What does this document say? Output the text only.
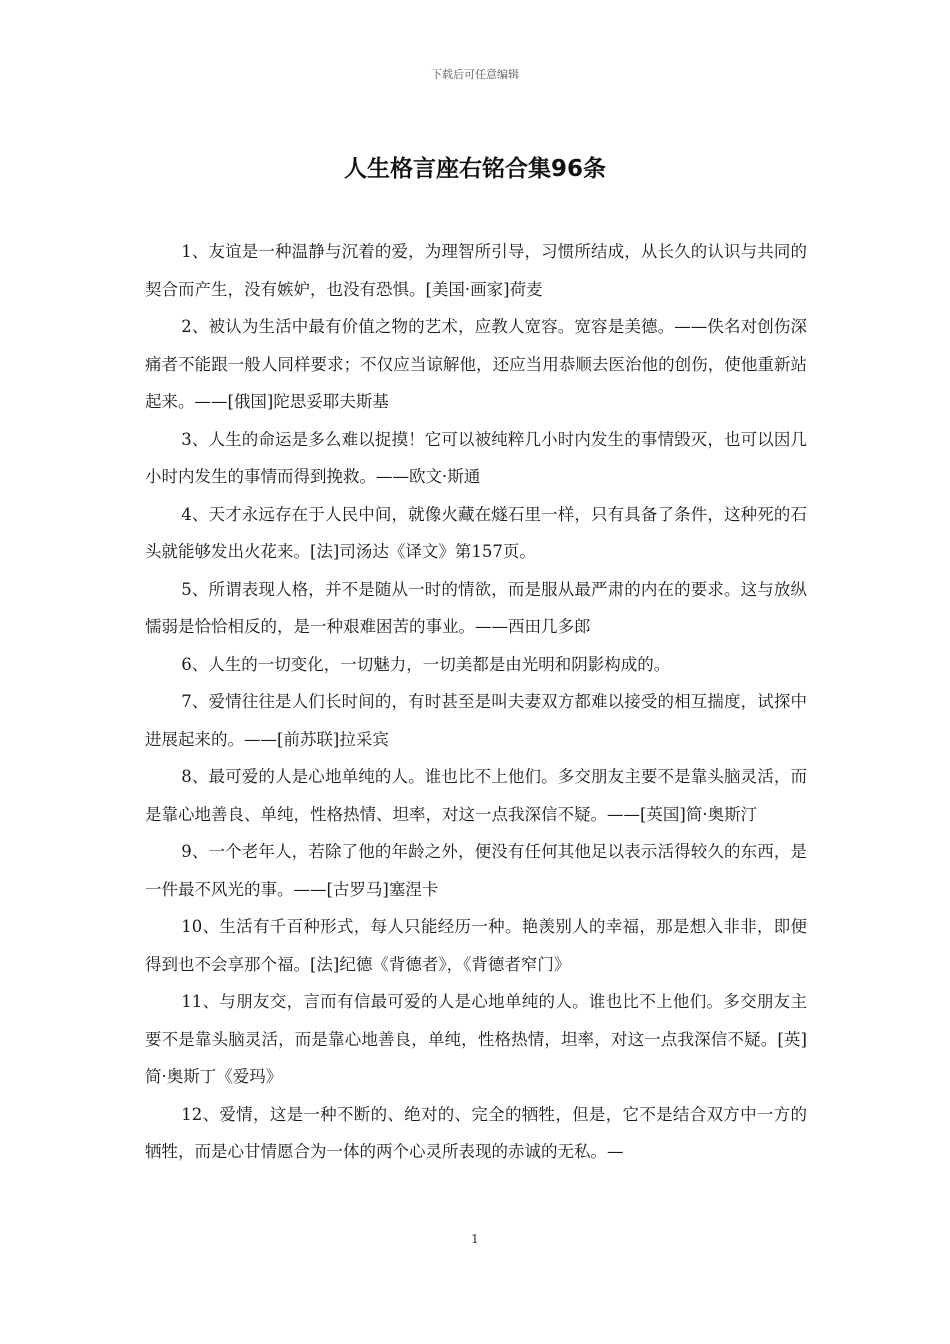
下载后可任意编辑
人生格言座右铭合集96条

1、友谊是一种温静与沉着的爱，为理智所引导，习惯所结成，从长久的认识与共同的契合而产生，没有嫉妒，也没有恐惧。[美国·画家]荷麦

2、被认为生活中最有价值之物的艺术，应教人宽容。宽容是美德。——佚名对创伤深痛者不能跟一般人同样要求；不仅应当谅解他，还应当用恭顺去医治他的创伤，使他重新站起来。——[俄国]陀思妥耶夫斯基

3、人生的命运是多么难以捉摸！它可以被纯粹几小时内发生的事情毁灭，也可以因几小时内发生的事情而得到挽救。——欧文·斯通

4、天才永远存在于人民中间，就像火藏在燧石里一样，只有具备了条件，这种死的石头就能够发出火花来。[法]司汤达《译文》第157页。

5、所谓表现人格，并不是随从一时的情欲，而是服从最严肃的内在的要求。这与放纵懦弱是恰恰相反的，是一种艰难困苦的事业。——西田几多郎

6、人生的一切变化，一切魅力，一切美都是由光明和阴影构成的。

7、爱情往往是人们长时间的，有时甚至是叫夫妻双方都难以接受的相互揣度，试探中进展起来的。——[前苏联]拉采宾

8、最可爱的人是心地单纯的人。谁也比不上他们。多交朋友主要不是靠头脑灵活，而是靠心地善良、单纯，性格热情、坦率，对这一点我深信不疑。——[英国]简·奥斯汀

9、一个老年人，若除了他的年龄之外，便没有任何其他足以表示活得较久的东西，是一件最不风光的事。——[古罗马]塞涅卡

10、生活有千百种形式，每人只能经历一种。艳羡别人的幸福，那是想入非非，即便得到也不会享那个福。[法]纪德《背德者》，《背德者窄门》

11、与朋友交，言而有信最可爱的人是心地单纯的人。谁也比不上他们。多交朋友主要不是靠头脑灵活，而是靠心地善良，单纯，性格热情，坦率，对这一点我深信不疑。[英]简·奥斯丁《爱玛》

12、爱情，这是一种不断的、绝对的、完全的牺牲，但是，它不是结合双方中一方的牺牲，而是心甘情愿合为一体的两个心灵所表现的赤诚的无私。—

1
